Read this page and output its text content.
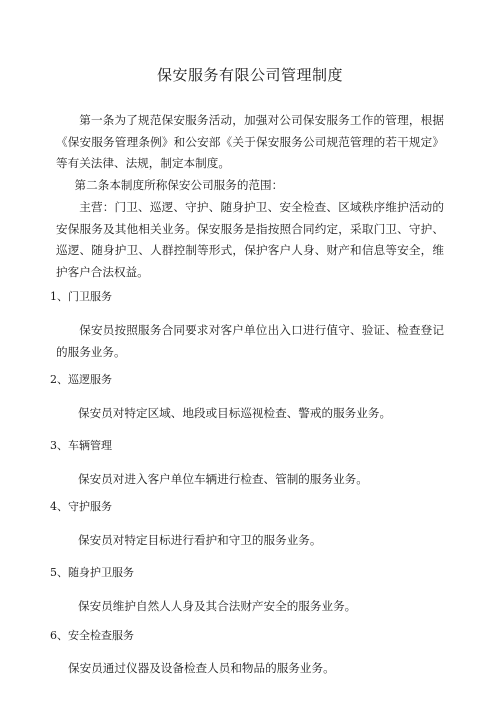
保安服务有限公司管理制度
第一条为了规范保安服务活动，加强对公司保安服务工作的管理，根据《保安服务管理条例》和公安部《关于保安服务公司规范管理的若干规定》等有关法律、法规，制定本制度。
第二条本制度所称保安公司服务的范围：
主营：门卫、巡逻、守护、随身护卫、安全检查、区域秩序维护活动的安保服务及其他相关业务。保安服务是指按照合同约定，采取门卫、守护、巡逻、随身护卫、人群控制等形式，保护客户人身、财产和信息等安全，维护客户合法权益。
1、门卫服务
保安员按照服务合同要求对客户单位出入口进行值守、验证、检查登记的服务业务。
2、巡逻服务
保安员对特定区域、地段或目标巡视检查、警戒的服务业务。
3、车辆管理
保安员对进入客户单位车辆进行检查、管制的服务业务。
4、守护服务
保安员对特定目标进行看护和守卫的服务业务。
5、随身护卫服务
保安员维护自然人人身及其合法财产安全的服务业务。
6、安全检查服务
保安员通过仪器及设备检查人员和物品的服务业务。
